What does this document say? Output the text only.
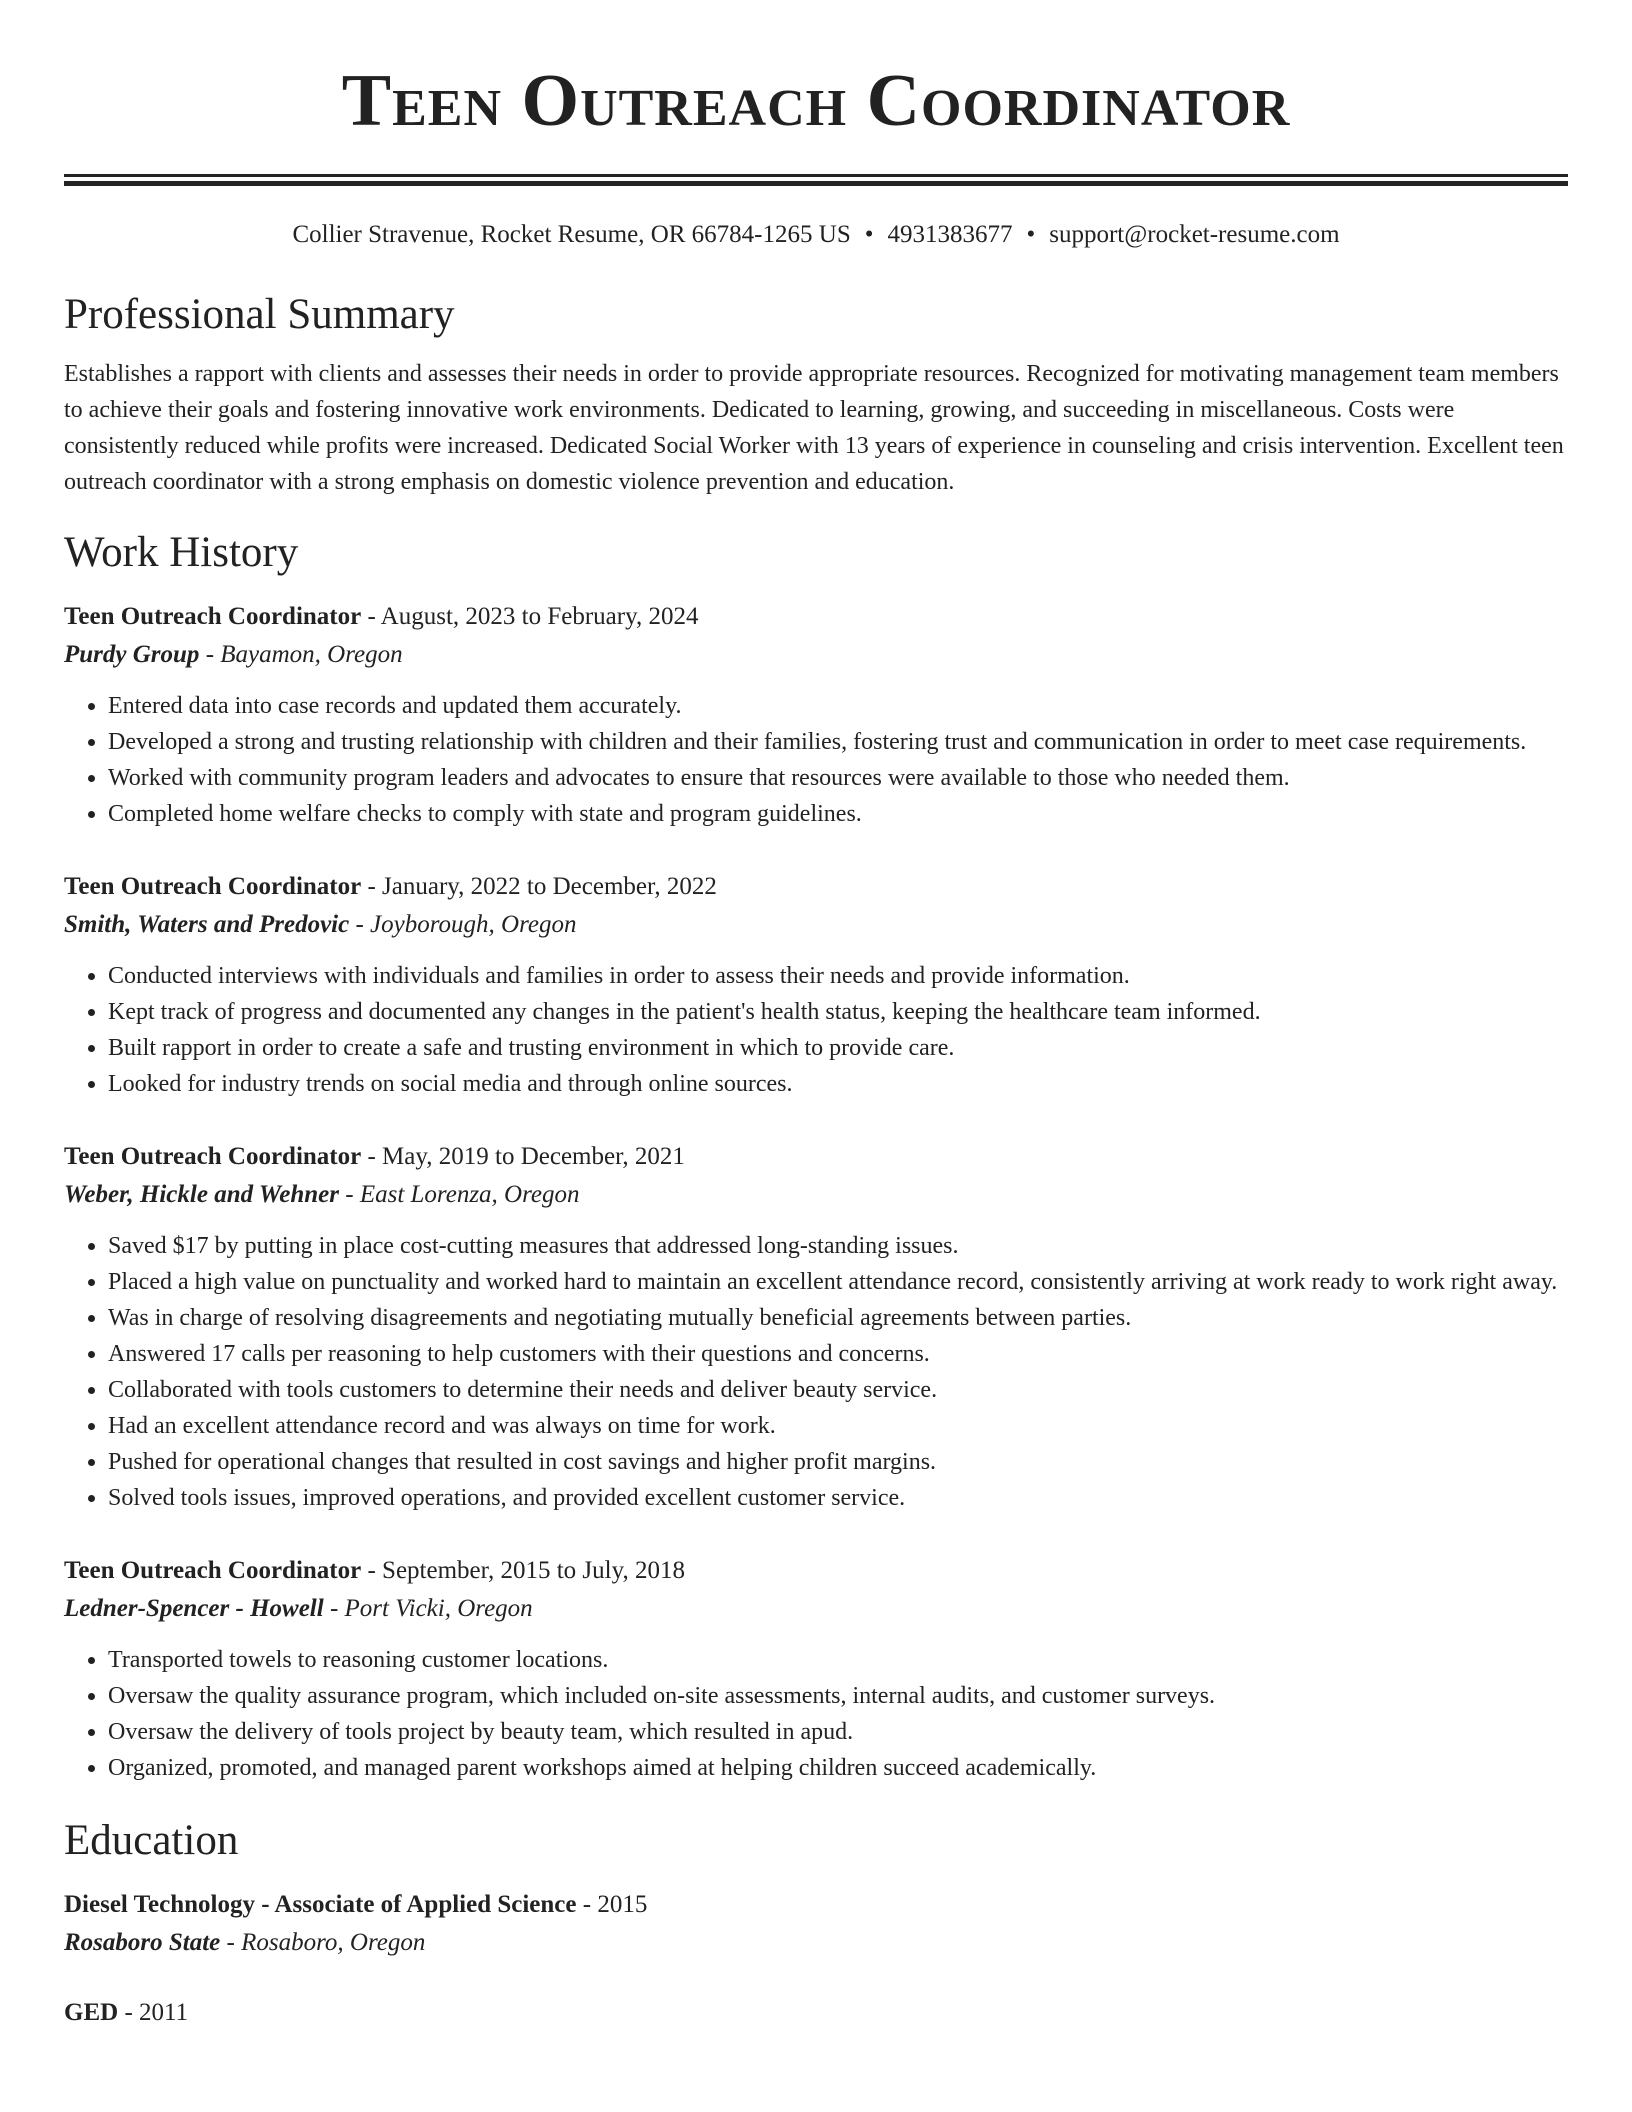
Teen Outreach Coordinator
Collier Stravenue, Rocket Resume, OR 66784-1265 US • 4931383677 • support@rocket-resume.com
Professional Summary
Establishes a rapport with clients and assesses their needs in order to provide appropriate resources. Recognized for motivating management team members to achieve their goals and fostering innovative work environments. Dedicated to learning, growing, and succeeding in miscellaneous. Costs were consistently reduced while profits were increased. Dedicated Social Worker with 13 years of experience in counseling and crisis intervention. Excellent teen outreach coordinator with a strong emphasis on domestic violence prevention and education.
Work History
Teen Outreach Coordinator - August, 2023 to February, 2024
Purdy Group - Bayamon, Oregon
• Entered data into case records and updated them accurately.
• Developed a strong and trusting relationship with children and their families, fostering trust and communication in order to meet case requirements.
• Worked with community program leaders and advocates to ensure that resources were available to those who needed them.
• Completed home welfare checks to comply with state and program guidelines.
Teen Outreach Coordinator - January, 2022 to December, 2022
Smith, Waters and Predovic - Joyborough, Oregon
• Conducted interviews with individuals and families in order to assess their needs and provide information.
• Kept track of progress and documented any changes in the patient's health status, keeping the healthcare team informed.
• Built rapport in order to create a safe and trusting environment in which to provide care.
• Looked for industry trends on social media and through online sources.
Teen Outreach Coordinator - May, 2019 to December, 2021
Weber, Hickle and Wehner - East Lorenza, Oregon
• Saved $17 by putting in place cost-cutting measures that addressed long-standing issues.
• Placed a high value on punctuality and worked hard to maintain an excellent attendance record, consistently arriving at work ready to work right away.
• Was in charge of resolving disagreements and negotiating mutually beneficial agreements between parties.
• Answered 17 calls per reasoning to help customers with their questions and concerns.
• Collaborated with tools customers to determine their needs and deliver beauty service.
• Had an excellent attendance record and was always on time for work.
• Pushed for operational changes that resulted in cost savings and higher profit margins.
• Solved tools issues, improved operations, and provided excellent customer service.
Teen Outreach Coordinator - September, 2015 to July, 2018
Ledner-Spencer - Howell - Port Vicki, Oregon
• Transported towels to reasoning customer locations.
• Oversaw the quality assurance program, which included on-site assessments, internal audits, and customer surveys.
• Oversaw the delivery of tools project by beauty team, which resulted in apud.
• Organized, promoted, and managed parent workshops aimed at helping children succeed academically.
Education
Diesel Technology - Associate of Applied Science - 2015
Rosaboro State - Rosaboro, Oregon
GED - 2011
